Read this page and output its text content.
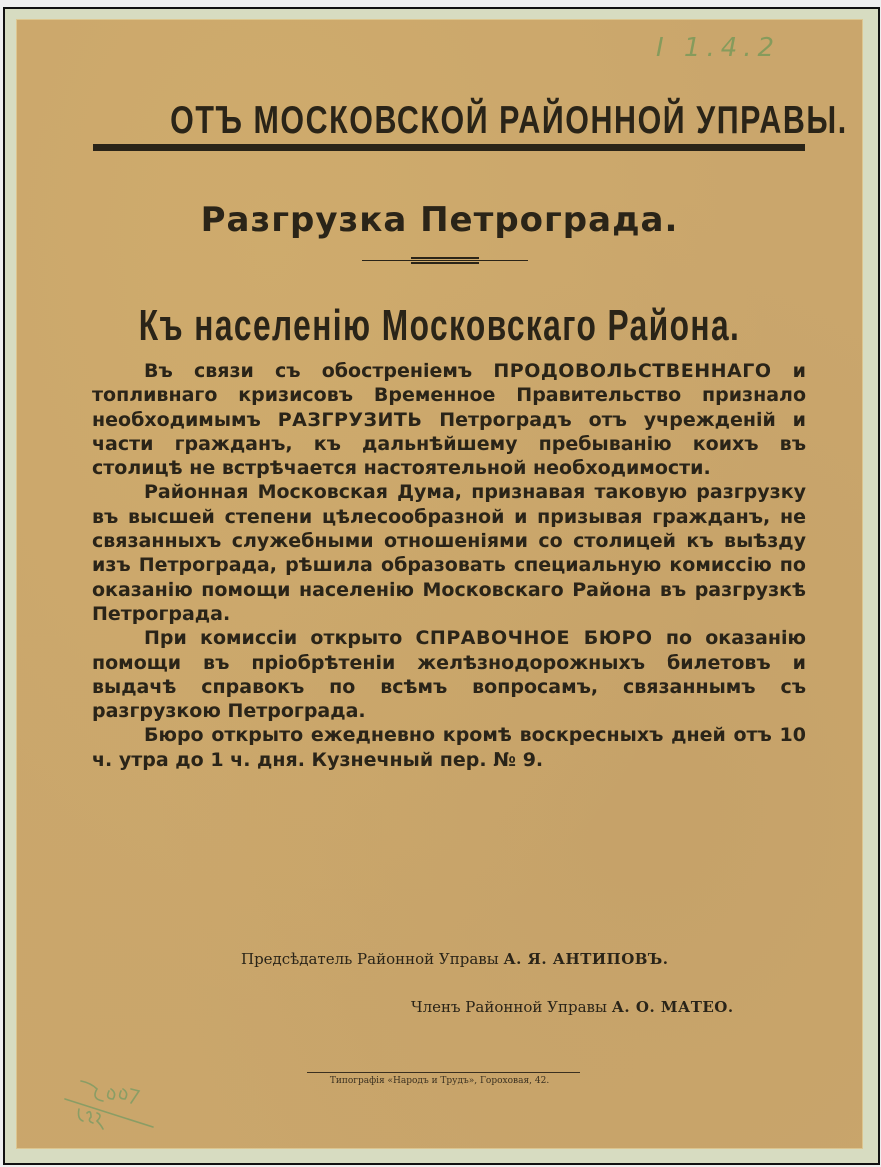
I 1.4.2
ОТЪ МОСКОВСКОЙ РАЙОННОЙ УПРАВЫ.
Разгрузка Петрограда.
Къ населенію Московскаго Района.

Въ связи съ обостреніемъ ПРОДОВОЛЬСТВЕННАГО и топливнаго кризисовъ Временное Правительство признало необходимымъ РАЗГРУЗИТЬ Петроградъ отъ учрежденій и части гражданъ, къ дальнѣйшему пребыванію коихъ въ столицѣ не встрѣчается настоятельной необходимости.

Районная Московская Дума, признавая таковую разгрузку въ высшей степени цѣлесообразной и призывая гражданъ, не связанныхъ служебными отношеніями со столицей къ выѣзду изъ Петрограда, рѣшила образовать специальную комиссію по оказанію помощи населенію Московскаго Района въ разгрузкѣ Петрограда.

При комиссіи открыто СПРАВОЧНОЕ БЮРО по оказанію помощи въ пріобрѣтеніи желѣзнодорожныхъ билетовъ и выдачѣ справокъ по всѣмъ вопросамъ, связаннымъ съ разгрузкою Петрограда.

Бюро открыто ежедневно кромѣ воскресныхъ дней отъ 10 ч. утра до 1 ч. дня. Кузнечный пер. № 9.

Предсѣдатель Районной Управы А. Я. АНТИПОВЪ.
Членъ Районной Управы А. О. МАТЕО.
Типографія «Народъ и Трудъ», Гороховая, 42.
